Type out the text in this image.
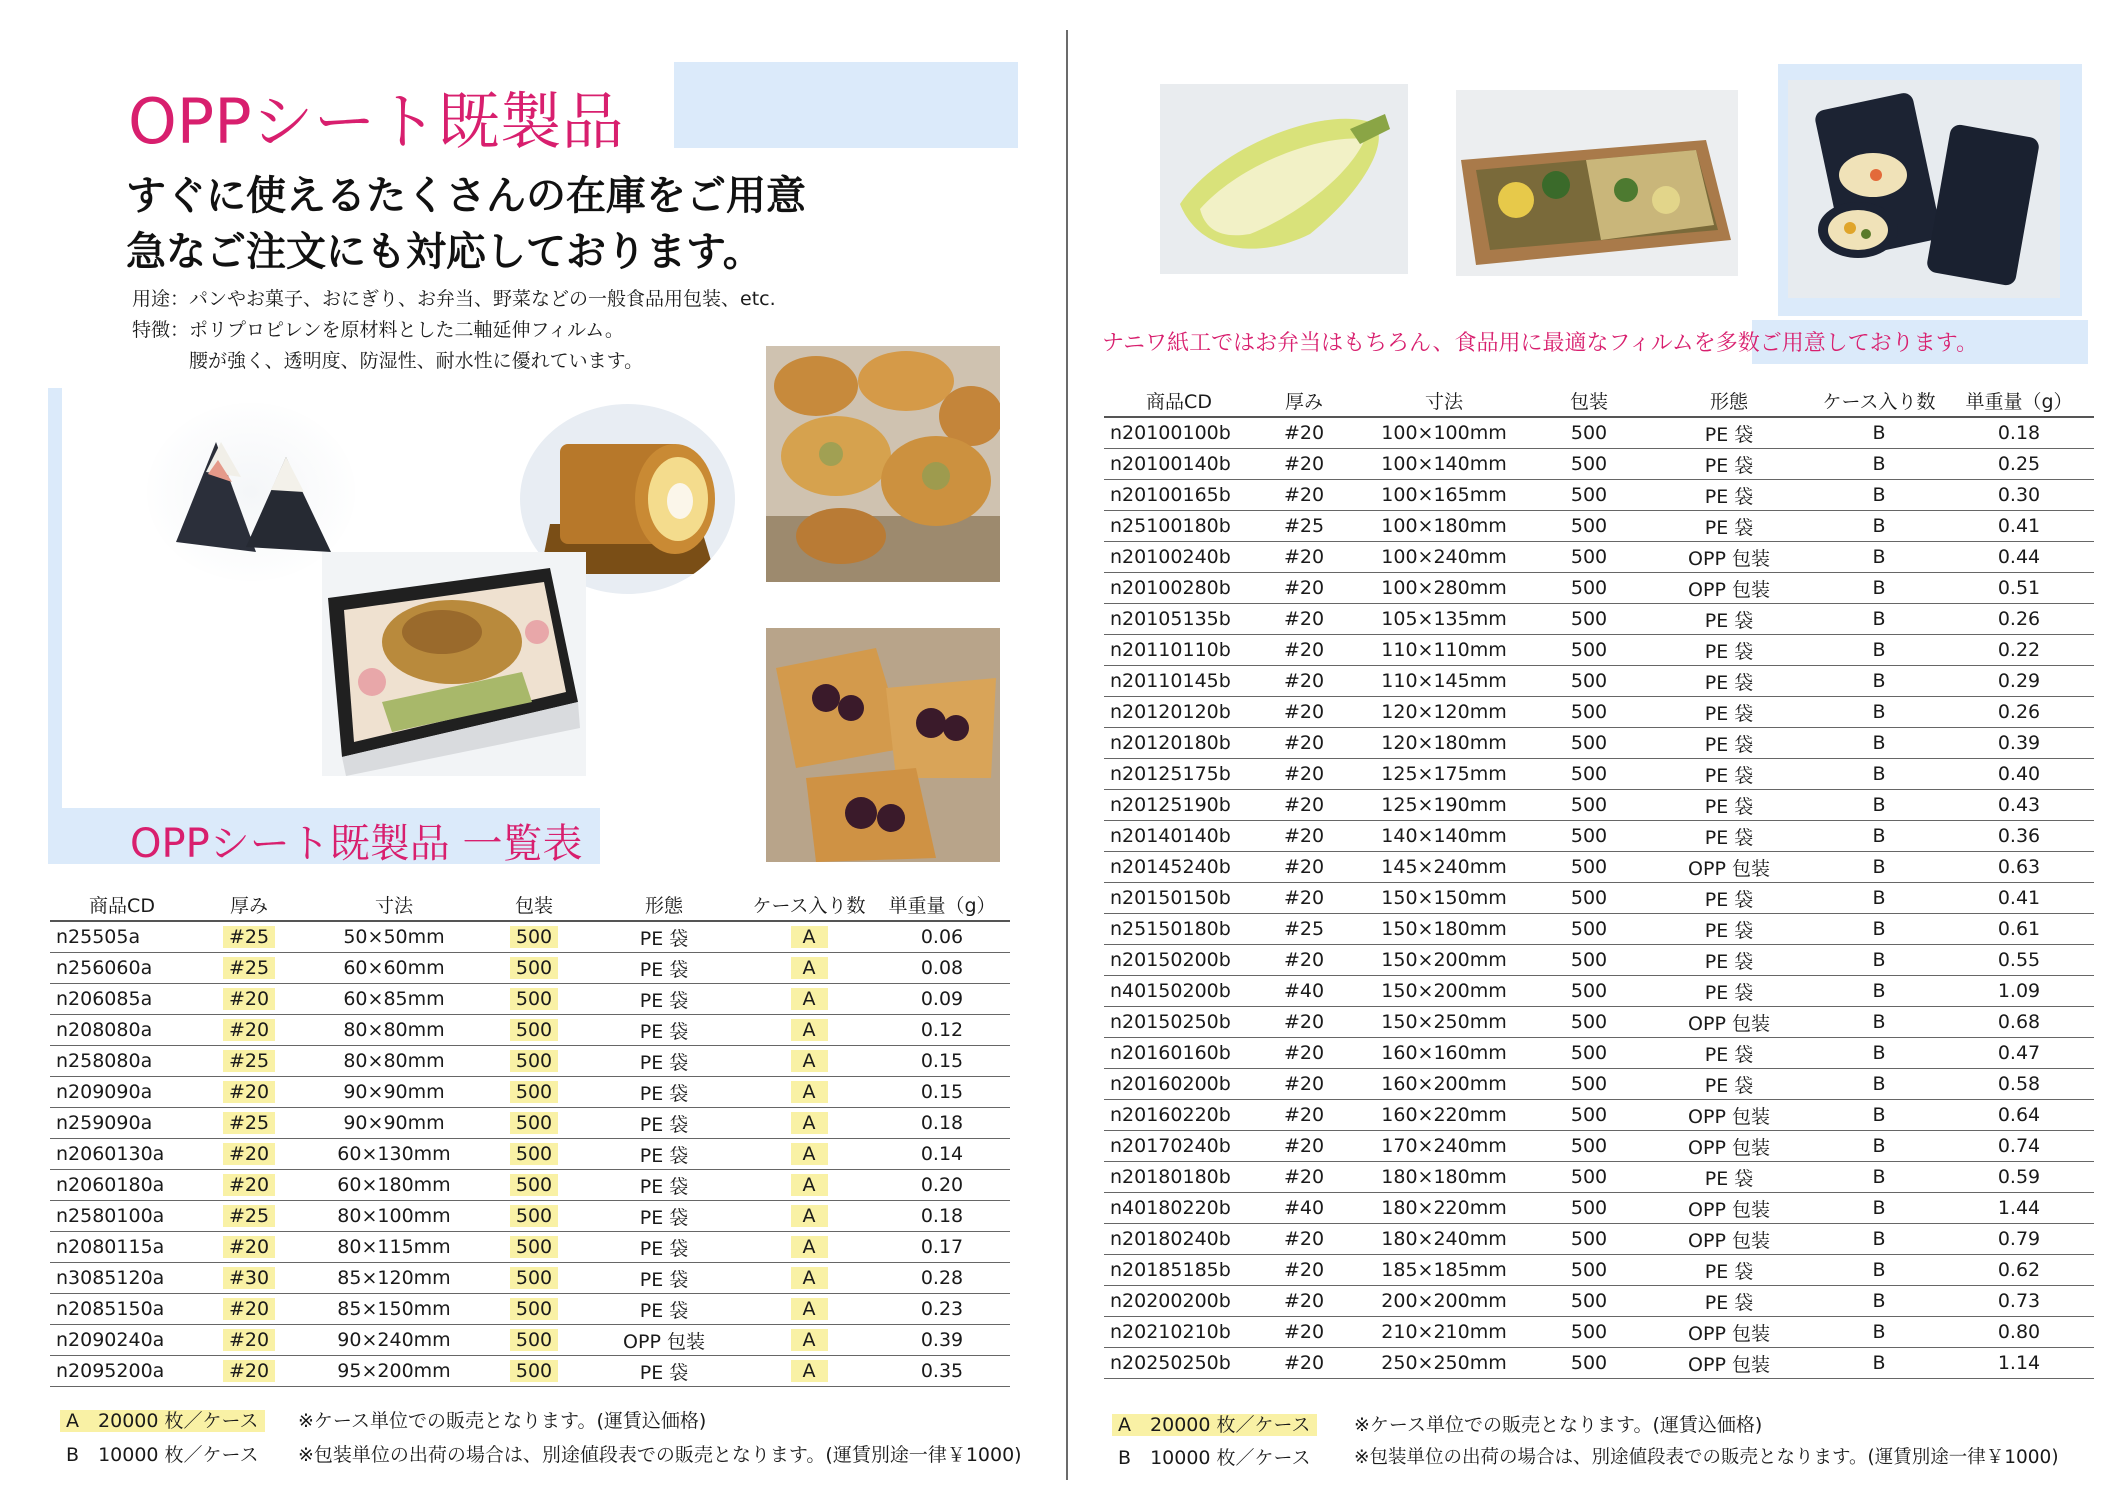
OPPシート既製品
すぐに使えるたくさんの在庫をご用意
急なご注文にも対応しております。
用途：パンやお菓子、おにぎり、お弁当、野菜などの一般食品用包装、etc.
特徴：ポリプロピレンを原材料とした二軸延伸フィルム。
　　　腰が強く、透明度、防湿性、耐水性に優れています。
OPPシート既製品 一覧表
商品CD	厚み	寸法	包装	形態	ケース入り数	単重量（g）
n25505a	#25	50×50mm	500	PE 袋	A	0.06
n256060a	#25	60×60mm	500	PE 袋	A	0.08
n206085a	#20	60×85mm	500	PE 袋	A	0.09
n208080a	#20	80×80mm	500	PE 袋	A	0.12
n258080a	#25	80×80mm	500	PE 袋	A	0.15
n209090a	#20	90×90mm	500	PE 袋	A	0.15
n259090a	#25	90×90mm	500	PE 袋	A	0.18
n2060130a	#20	60×130mm	500	PE 袋	A	0.14
n2060180a	#20	60×180mm	500	PE 袋	A	0.20
n2580100a	#25	80×100mm	500	PE 袋	A	0.18
n2080115a	#20	80×115mm	500	PE 袋	A	0.17
n3085120a	#30	85×120mm	500	PE 袋	A	0.28
n2085150a	#20	85×150mm	500	PE 袋	A	0.23
n2090240a	#20	90×240mm	500	OPP 包装	A	0.39
n2095200a	#20	95×200mm	500	PE 袋	A	0.35
A　 20000 枚／ケース	※ケース単位での販売となります。(運賃込価格)
B　 10000 枚／ケース ※包装単位の出荷の場合は、別途値段表での販売となります。(運賃別途一律￥1000)
ナニワ紙工ではお弁当はもちろん、食品用に最適なフィルムを多数ご用意しております。
商品CD	厚み	寸法	包装	形態	ケース入り数	単重量（g）
n20100100b	#20	100×100mm	500	PE 袋	B	0.18
n20100140b	#20	100×140mm	500	PE 袋	B	0.25
n20100165b	#20	100×165mm	500	PE 袋	B	0.30
n25100180b	#25	100×180mm	500	PE 袋	B	0.41
n20100240b	#20	100×240mm	500	OPP 包装	B	0.44
n20100280b	#20	100×280mm	500	OPP 包装	B	0.51
n20105135b	#20	105×135mm	500	PE 袋	B	0.26
n20110110b	#20	110×110mm	500	PE 袋	B	0.22
n20110145b	#20	110×145mm	500	PE 袋	B	0.29
n20120120b	#20	120×120mm	500	PE 袋	B	0.26
n20120180b	#20	120×180mm	500	PE 袋	B	0.39
n20125175b	#20	125×175mm	500	PE 袋	B	0.40
n20125190b	#20	125×190mm	500	PE 袋	B	0.43
n20140140b	#20	140×140mm	500	PE 袋	B	0.36
n20145240b	#20	145×240mm	500	OPP 包装	B	0.63
n20150150b	#20	150×150mm	500	PE 袋	B	0.41
n25150180b	#25	150×180mm	500	PE 袋	B	0.61
n20150200b	#20	150×200mm	500	PE 袋	B	0.55
n40150200b	#40	150×200mm	500	PE 袋	B	1.09
n20150250b	#20	150×250mm	500	OPP 包装	B	0.68
n20160160b	#20	160×160mm	500	PE 袋	B	0.47
n20160200b	#20	160×200mm	500	PE 袋	B	0.58
n20160220b	#20	160×220mm	500	OPP 包装	B	0.64
n20170240b	#20	170×240mm	500	OPP 包装	B	0.74
n20180180b	#20	180×180mm	500	PE 袋	B	0.59
n40180220b	#40	180×220mm	500	OPP 包装	B	1.44
n20180240b	#20	180×240mm	500	OPP 包装	B	0.79
n20185185b	#20	185×185mm	500	PE 袋	B	0.62
n20200200b	#20	200×200mm	500	PE 袋	B	0.73
n20210210b	#20	210×210mm	500	OPP 包装	B	0.80
n20250250b	#20	250×250mm	500	OPP 包装	B	1.14
A　 20000 枚／ケース	※ケース単位での販売となります。(運賃込価格)
B　 10000 枚／ケース ※包装単位の出荷の場合は、別途値段表での販売となります。(運賃別途一律￥1000)
